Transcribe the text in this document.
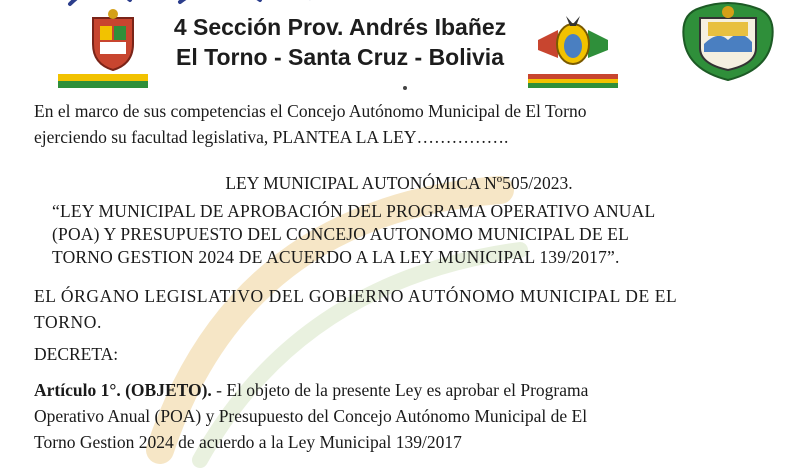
4 Sección Prov. Andrés Ibañez
El Torno - Santa Cruz - Bolivia

En el marco de sus competencias el Concejo Autónomo Municipal de El Torno
ejerciendo su facultad legislativa, PLANTEA LA LEY…………….

LEY MUNICIPAL AUTONÓMICA Nº505/2023.

“LEY MUNICIPAL DE APROBACIÓN DEL PROGRAMA OPERATIVO ANUAL
(POA) Y PRESUPUESTO DEL CONCEJO AUTONOMO MUNICIPAL DE EL
TORNO GESTION 2024 DE ACUERDO A LA LEY MUNICIPAL 139/2017”.

EL ÓRGANO LEGISLATIVO DEL GOBIERNO AUTÓNOMO MUNICIPAL DE EL
TORNO.

DECRETA:

Artículo 1°. (OBJETO). - El objeto de la presente Ley es aprobar el Programa
Operativo Anual (POA) y Presupuesto del Concejo Autónomo Municipal de El
Torno Gestion 2024 de acuerdo a la Ley Municipal 139/2017
